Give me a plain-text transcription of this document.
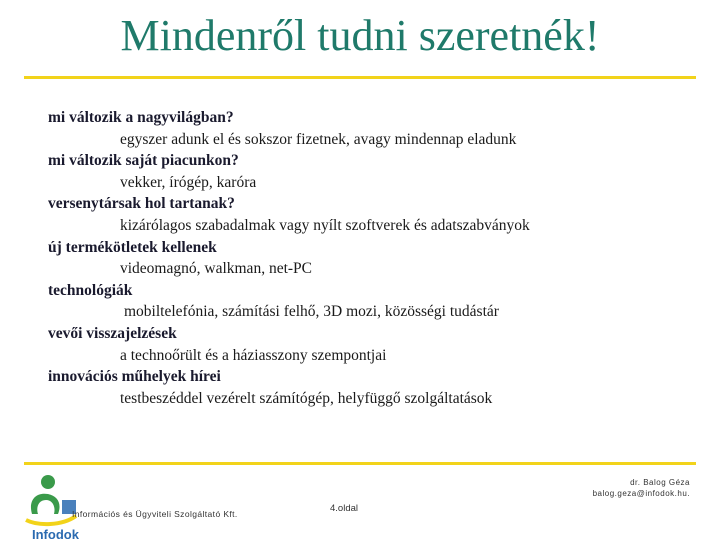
Mindenről tudni szeretnék!
mi változik a nagyvilágban?
egyszer adunk el és sokszor fizetnek, avagy mindennap eladunk
mi változik saját piacunkon?
vekker, írógép, karóra
versenytársak hol tartanak?
kizárólagos szabadalmak vagy nyílt szoftverek és adatszabványok
új termékötletek kellenek
videomagnó, walkman, net-PC
technológiák
mobiltelefónia, számítási felhő, 3D mozi, közösségi tudástár
vevői visszajelzések
a technoőrült és a háziasszony szempontjai
innovációs műhelyek hírei
testbeszéddel vezérelt számítógép, helyfüggő szolgáltatások
dr. Balog Géza
balog.geza@infodok.hu.
4.oldal
Infodok
Információs és Ügyviteli Szolgáltató Kft.
